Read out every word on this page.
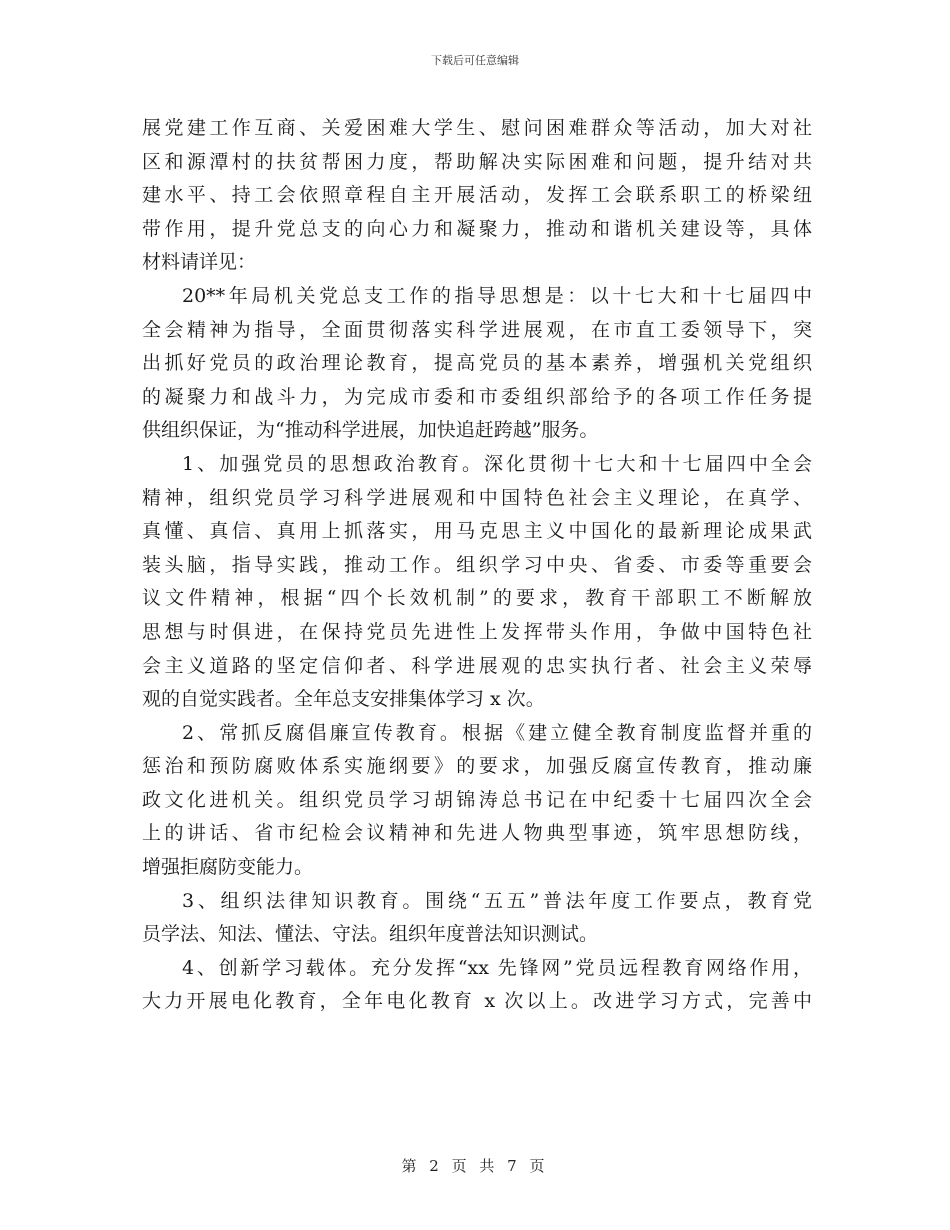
下载后可任意编辑
展党建工作互商、关爱困难大学生、慰问困难群众等活动，加大对社
区和源潭村的扶贫帮困力度，帮助解决实际困难和问题，提升结对共
建水平、持工会依照章程自主开展活动，发挥工会联系职工的桥梁纽
带作用，提升党总支的向心力和凝聚力，推动和谐机关建设等，具体
材料请详见：
20**年局机关党总支工作的指导思想是：以十七大和十七届四中
全会精神为指导，全面贯彻落实科学进展观，在市直工委领导下，突
出抓好党员的政治理论教育，提高党员的基本素养，增强机关党组织
的凝聚力和战斗力，为完成市委和市委组织部给予的各项工作任务提
供组织保证，为“推动科学进展，加快追赶跨越”服务。
1、加强党员的思想政治教育。深化贯彻十七大和十七届四中全会
精神，组织党员学习科学进展观和中国特色社会主义理论，在真学、
真懂、真信、真用上抓落实，用马克思主义中国化的最新理论成果武
装头脑，指导实践，推动工作。组织学习中央、省委、市委等重要会
议文件精神，根据“四个长效机制”的要求，教育干部职工不断解放
思想与时俱进，在保持党员先进性上发挥带头作用，争做中国特色社
会主义道路的坚定信仰者、科学进展观的忠实执行者、社会主义荣辱
观的自觉实践者。全年总支安排集体学习 x 次。
2、常抓反腐倡廉宣传教育。根据《建立健全教育制度监督并重的
惩治和预防腐败体系实施纲要》的要求，加强反腐宣传教育，推动廉
政文化进机关。组织党员学习胡锦涛总书记在中纪委十七届四次全会
上的讲话、省市纪检会议精神和先进人物典型事迹，筑牢思想防线，
增强拒腐防变能力。
3、组织法律知识教育。围绕“五五”普法年度工作要点，教育党
员学法、知法、懂法、守法。组织年度普法知识测试。
4、创新学习载体。充分发挥“xx 先锋网”党员远程教育网络作用，
大力开展电化教育，全年电化教育 x 次以上。改进学习方式，完善中
第 2 页 共 7 页
